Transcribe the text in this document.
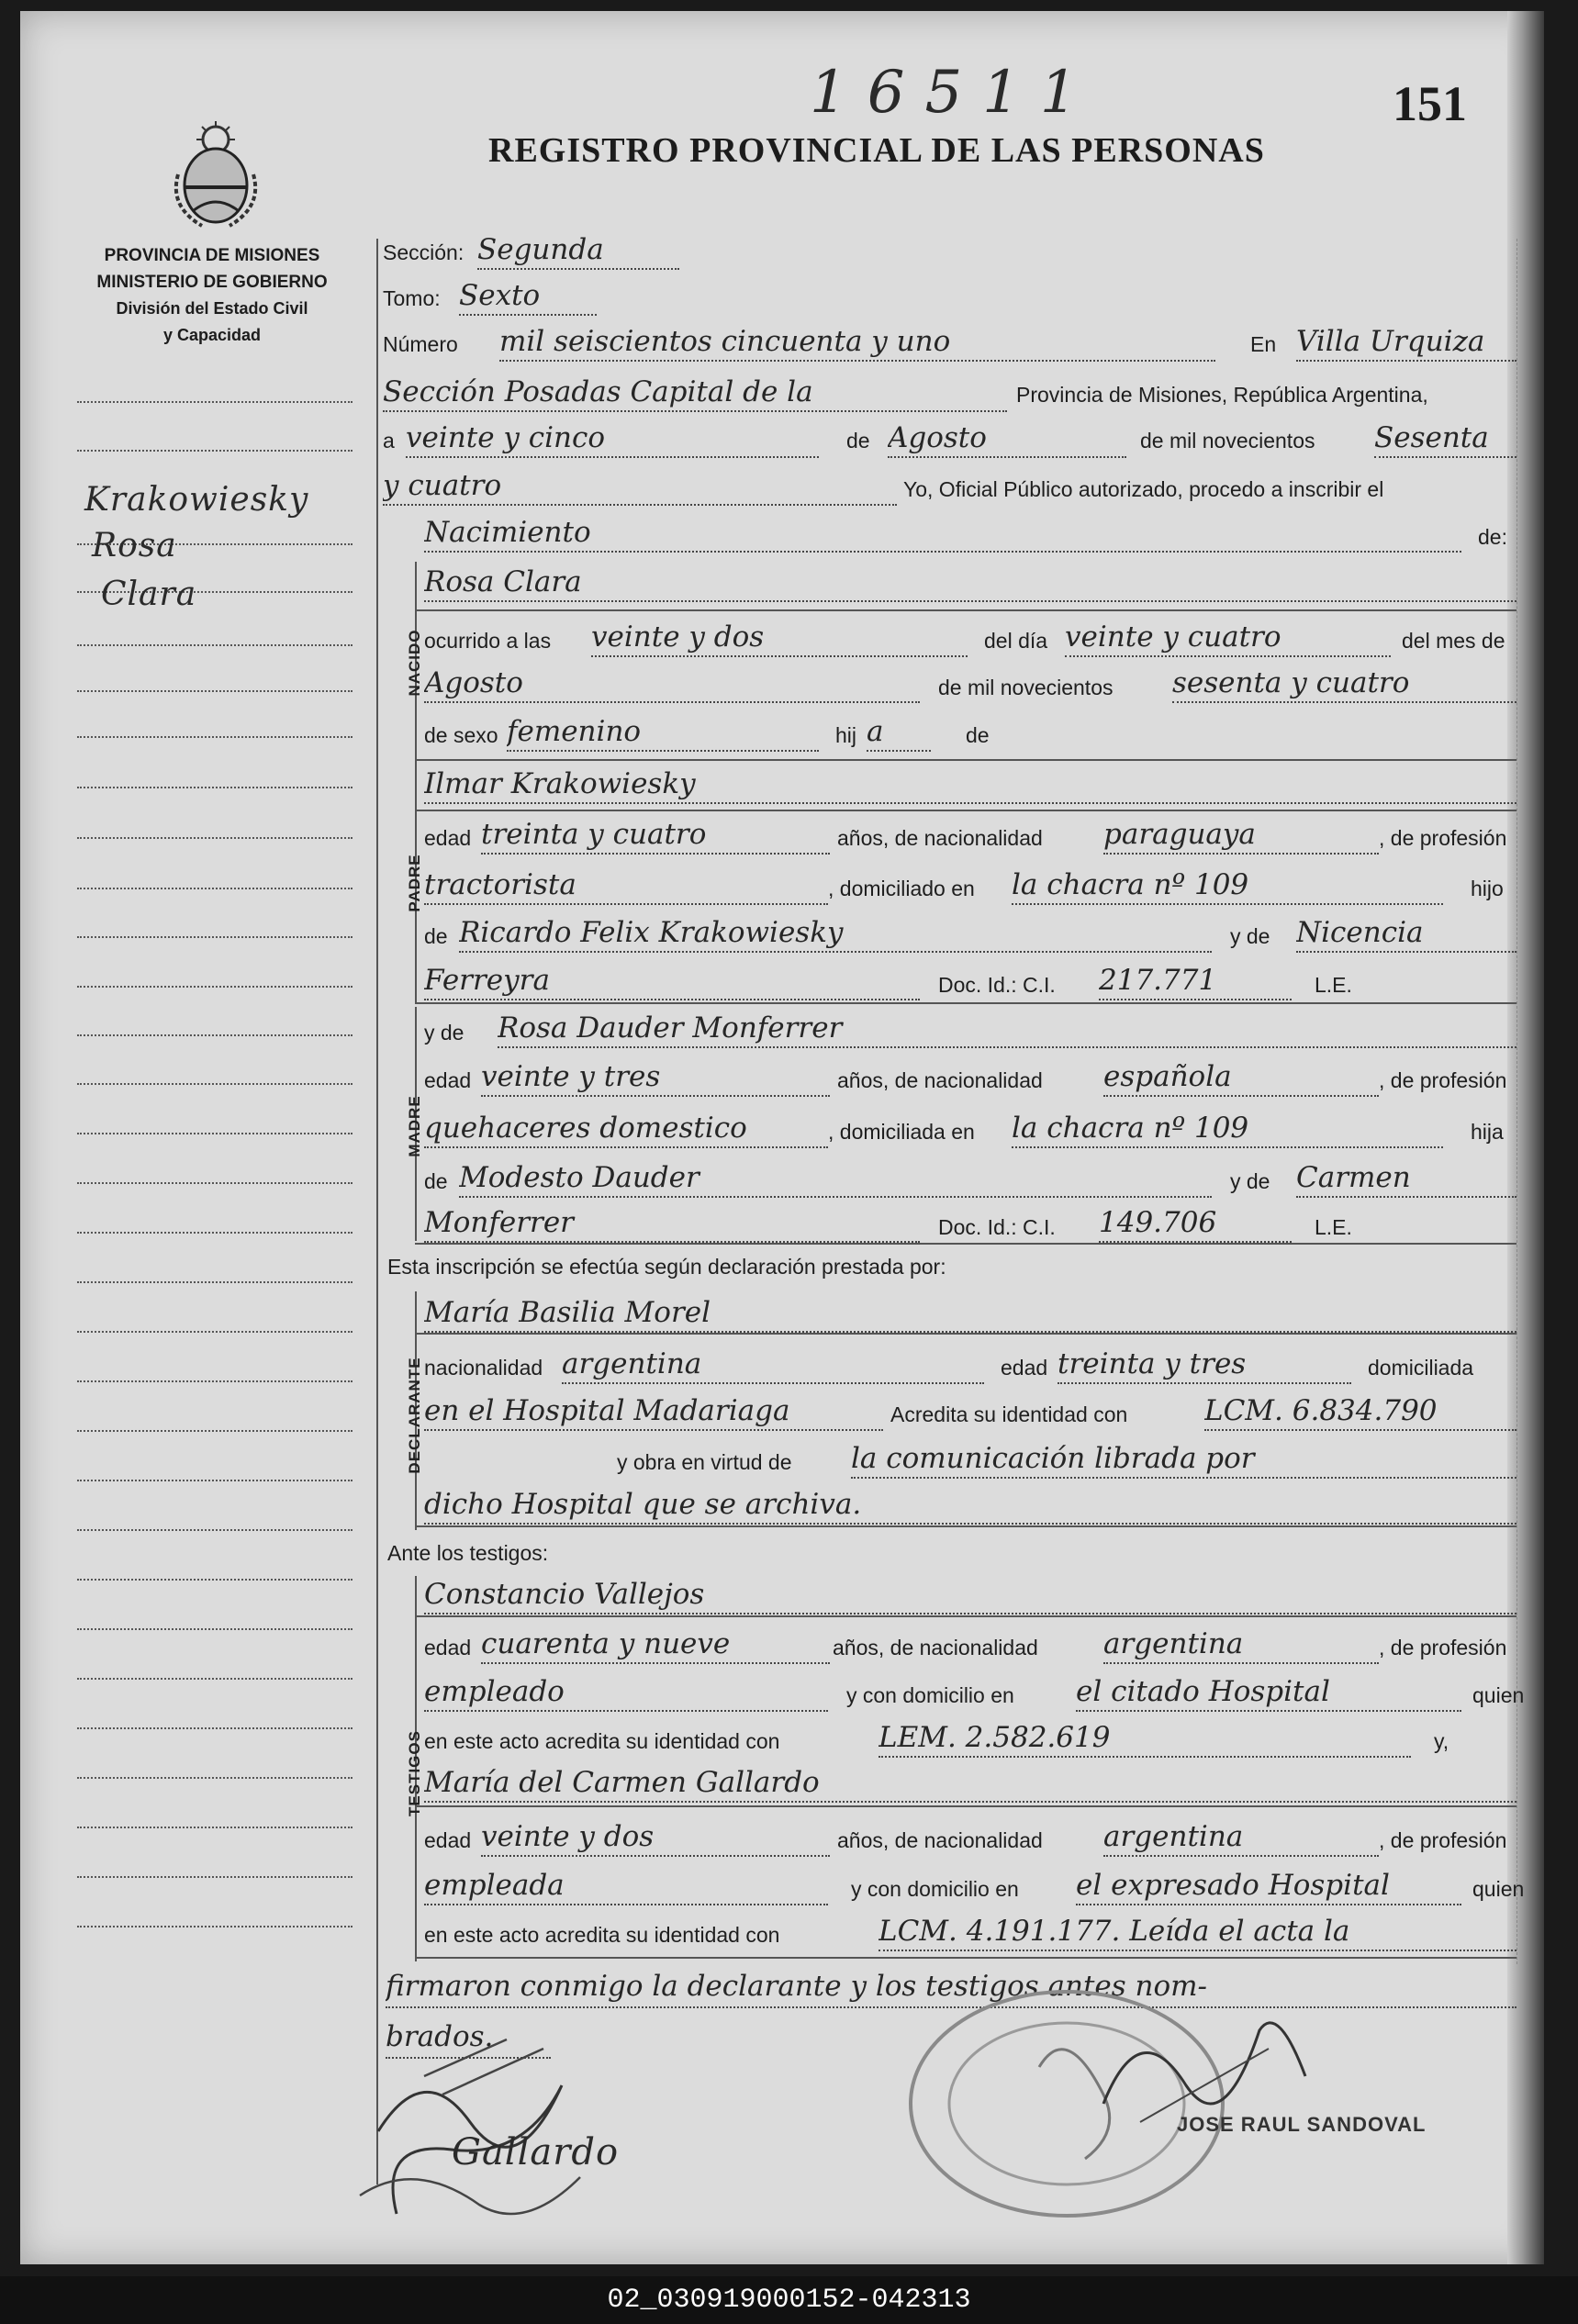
16511	151
REGISTRO PROVINCIAL DE LAS PERSONAS
PROVINCIA DE MISIONES
MINISTERIO DE GOBIERNO
División del Estado Civil
y Capacidad
Krakowiesky
Rosa
Clara
Sección: Segunda
Tomo: Sexto
Número mil seiscientos cincuenta y uno	En Villa Urquiza
Sección Posadas Capital de la	Provincia de Misiones, República Argentina,
a veinte y cinco	de Agosto	de mil novecientos Sesenta
y cuatro	Yo, Oficial Público autorizado, procedo a inscribir el
Nacimiento	de:
NACIDO
Rosa Clara
ocurrido a las veinte y dos	del día veinte y cuatro	del mes de
Agosto	de mil novecientos sesenta y cuatro
de sexo femenino	hij a	de
PADRE
Ilmar Krakowiesky
edad treinta y cuatro	años, de nacionalidad paraguaya	, de profesión
tractorista	, domiciliado en la chacra nº 109	hijo
de Ricardo Felix Krakowiesky	y de Nicencia
Ferreyra	Doc. Id.: C.I. 217.771	L.E.
MADRE
y de Rosa Dauder Monferrer
edad veinte y tres	años, de nacionalidad española	, de profesión
quehaceres domestico	, domiciliada en la chacra nº 109	hija
de Modesto Dauder	y de Carmen
Monferrer	Doc. Id.: C.I. 149.706	L.E.
Esta inscripción se efectúa según declaración prestada por:
DECLARANTE
María Basilia Morel
nacionalidad argentina	edad treinta y tres	domiciliada
en el Hospital Madariaga	Acredita su identidad con	LCM. 6.834.790
y obra en virtud de la comunicación librada por
dicho Hospital que se archiva.
Ante los testigos:
TESTIGOS
Constancio Vallejos
edad cuarenta y nueve	años, de nacionalidad argentina	, de profesión
empleado	y con domicilio en el citado Hospital	quien
en este acto acredita su identidad con	LEM. 2.582.619	y,
María del Carmen Gallardo
edad veinte y dos	años, de nacionalidad argentina	, de profesión
empleada	y con domicilio en el expresado Hospital	quien
en este acto acredita su identidad con	LCM. 4.191.177. Leída el acta la
firmaron conmigo la declarante y los testigos antes nom-
brados.
Gallardo
JOSE RAUL SANDOVAL
02_030919000152-042313
